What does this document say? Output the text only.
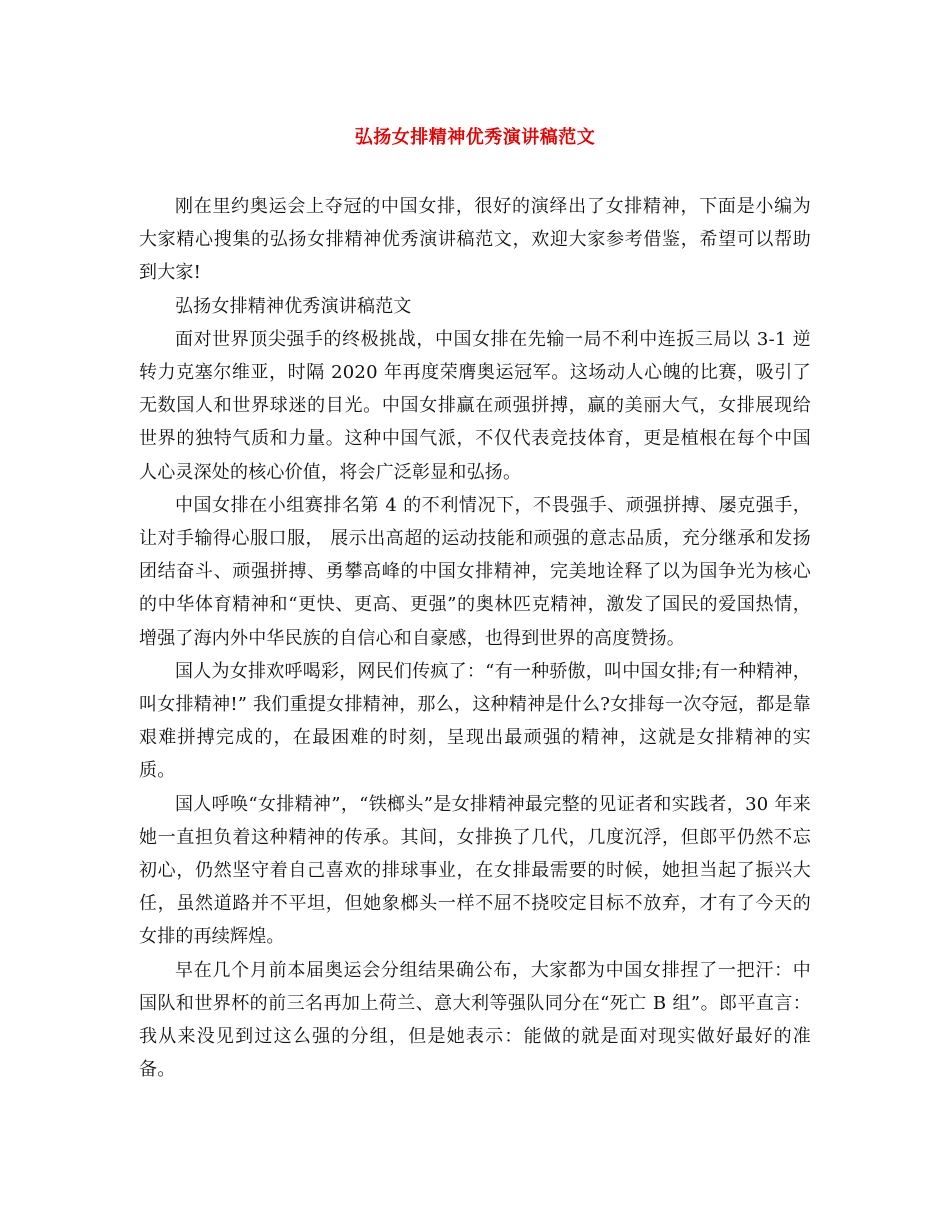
弘扬女排精神优秀演讲稿范文

刚在里约奥运会上夺冠的中国女排，很好的演绎出了女排精神，下面是小编为大家精心搜集的弘扬女排精神优秀演讲稿范文，欢迎大家参考借鉴，希望可以帮助到大家!

弘扬女排精神优秀演讲稿范文

面对世界顶尖强手的终极挑战，中国女排在先输一局不利中连扳三局以 3-1 逆转力克塞尔维亚，时隔 2020 年再度荣膺奥运冠军。这场动人心魄的比赛，吸引了无数国人和世界球迷的目光。中国女排赢在顽强拼搏，赢的美丽大气，女排展现给世界的独特气质和力量。这种中国气派，不仅代表竞技体育，更是植根在每个中国人心灵深处的核心价值，将会广泛彰显和弘扬。

中国女排在小组赛排名第 4 的不利情况下，不畏强手、顽强拼搏、屡克强手，让对手输得心服口服， 展示出高超的运动技能和顽强的意志品质，充分继承和发扬团结奋斗、顽强拼搏、勇攀高峰的中国女排精神，完美地诠释了以为国争光为核心的中华体育精神和“更快、更高、更强”的奥林匹克精神，激发了国民的爱国热情，增强了海内外中华民族的自信心和自豪感，也得到世界的高度赞扬。

国人为女排欢呼喝彩，网民们传疯了：“有一种骄傲，叫中国女排;有一种精神，叫女排精神!” 我们重提女排精神，那么，这种精神是什么?女排每一次夺冠，都是靠艰难拼搏完成的，在最困难的时刻，呈现出最顽强的精神，这就是女排精神的实质。

国人呼唤“女排精神”，“铁榔头”是女排精神最完整的见证者和实践者，30 年来她一直担负着这种精神的传承。其间，女排换了几代，几度沉浮，但郎平仍然不忘初心，仍然坚守着自己喜欢的排球事业，在女排最需要的时候，她担当起了振兴大任，虽然道路并不平坦，但她象榔头一样不屈不挠咬定目标不放弃，才有了今天的女排的再续辉煌。

早在几个月前本届奥运会分组结果确公布，大家都为中国女排捏了一把汗：中国队和世界杯的前三名再加上荷兰、意大利等强队同分在“死亡 B 组”。郎平直言：我从来没见到过这么强的分组，但是她表示：能做的就是面对现实做好最好的准备。
